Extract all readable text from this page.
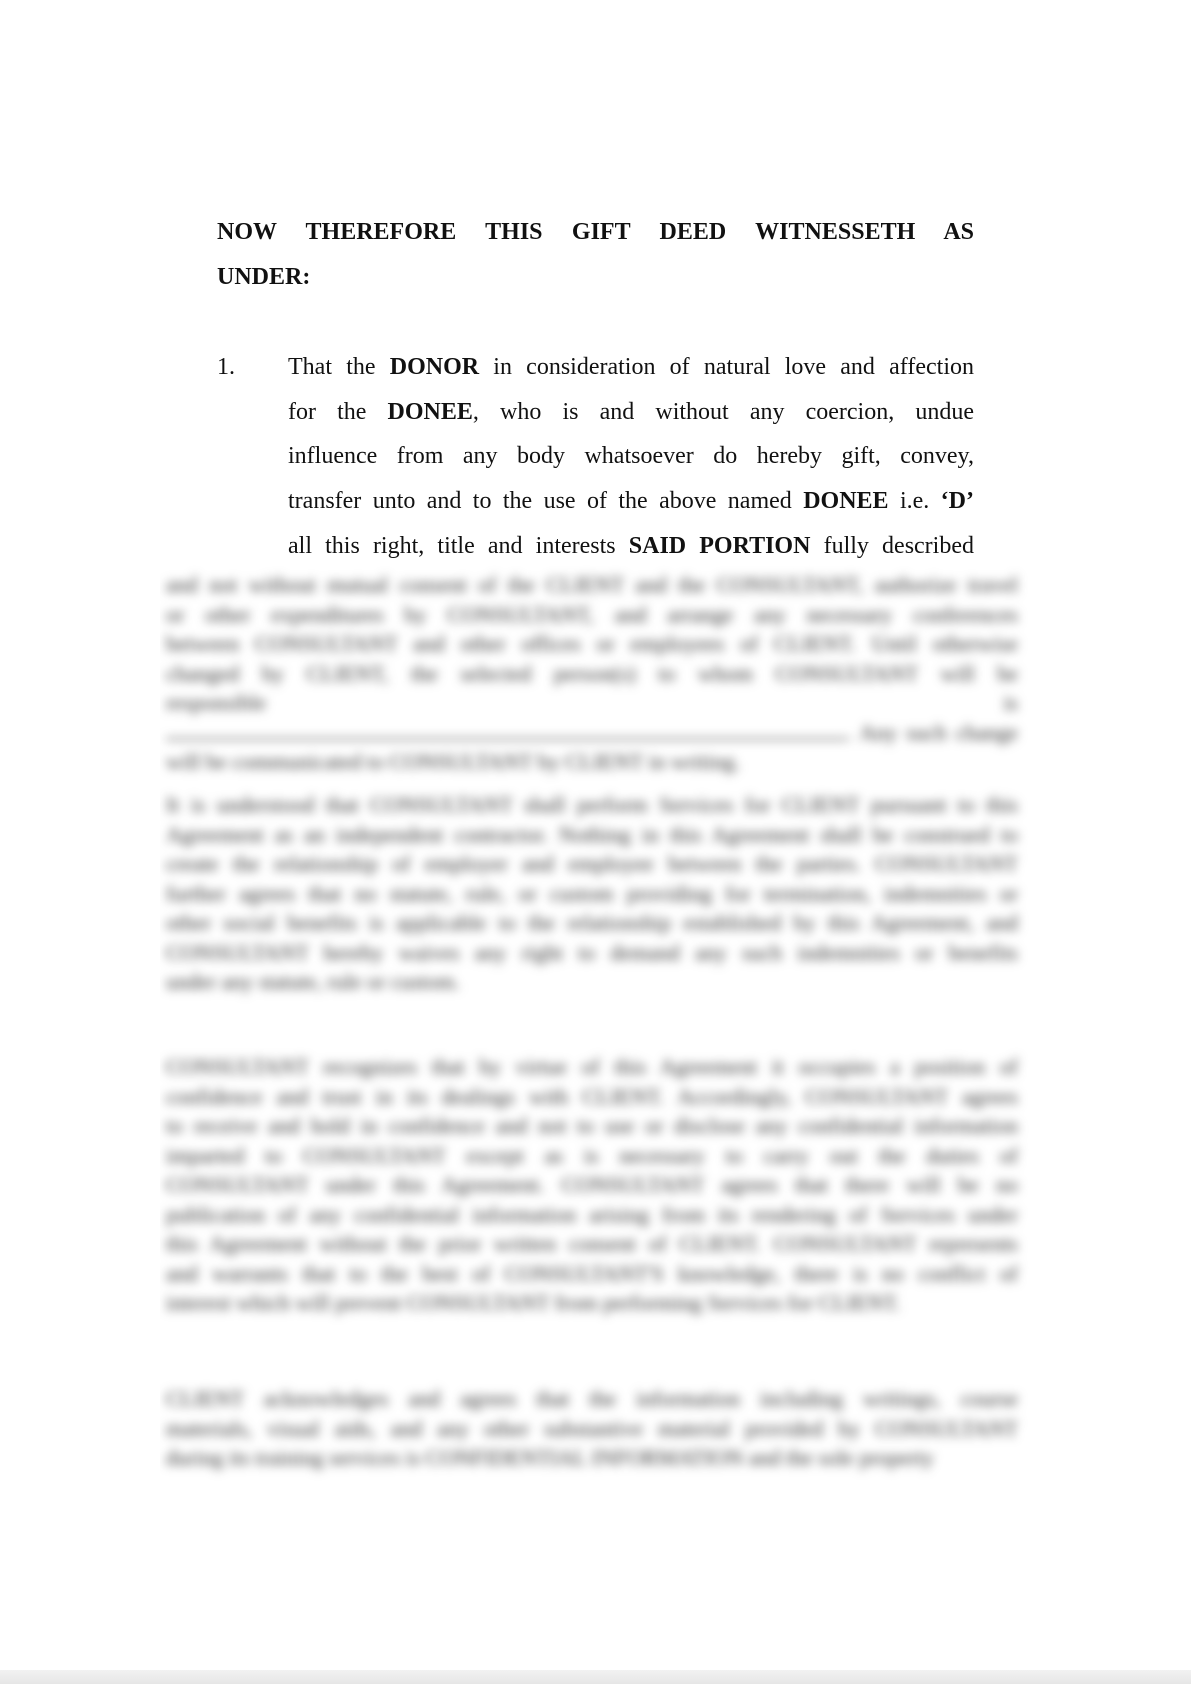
NOW THEREFORE THIS GIFT DEED WITNESSETH AS
UNDER:
1. That the DONOR in consideration of natural love and affection
for the DONEE, who is and without any coercion, undue
influence from any body whatsoever do hereby gift, convey,
transfer unto and to the use of the above named DONEE i.e. ‘D’
all this right, title and interests SAID PORTION fully described
and not without mutual consent of the CLIENT and the CONSULTANT, authorize travel
or other expenditures by CONSULTANT, and arrange any necessary conferences
between CONSULTANT and other offices or employees of CLIENT. Until otherwise
changed by CLIENT, the selected person(s) to whom CONSULTANT will be
responsible is
. Any such change
will be communicated to CONSULTANT by CLIENT in writing.
It is understood that CONSULTANT shall perform Services for CLIENT pursuant to this
Agreement as an independent contractor. Nothing in this Agreement shall be construed to
create the relationship of employer and employee between the parties. CONSULTANT
further agrees that no statute, rule, or custom providing for termination, indemnities or
other social benefits is applicable to the relationship established by this Agreement, and
CONSULTANT hereby waives any right to demand any such indemnities or benefits
under any statute, rule or custom.
CONSULTANT recognizes that by virtue of this Agreement it occupies a position of
confidence and trust in its dealings with CLIENT. Accordingly, CONSULTANT agrees
to receive and hold in confidence and not to use or disclose any confidential information
imparted to CONSULTANT except as is necessary to carry out the duties of
CONSULTANT under this Agreement. CONSULTANT agrees that there will be no
publication of any confidential information arising from its rendering of Services under
this Agreement without the prior written consent of CLIENT. CONSULTANT represents
and warrants that to the best of CONSULTANT'S knowledge, there is no conflict of
interest which will prevent CONSULTANT from performing Services for CLIENT.
CLIENT acknowledges and agrees that the information including writings, course
materials, visual aids, and any other substantive material provided by CONSULTANT
during its training services is CONFIDENTIAL INFORMATION and the sole property
